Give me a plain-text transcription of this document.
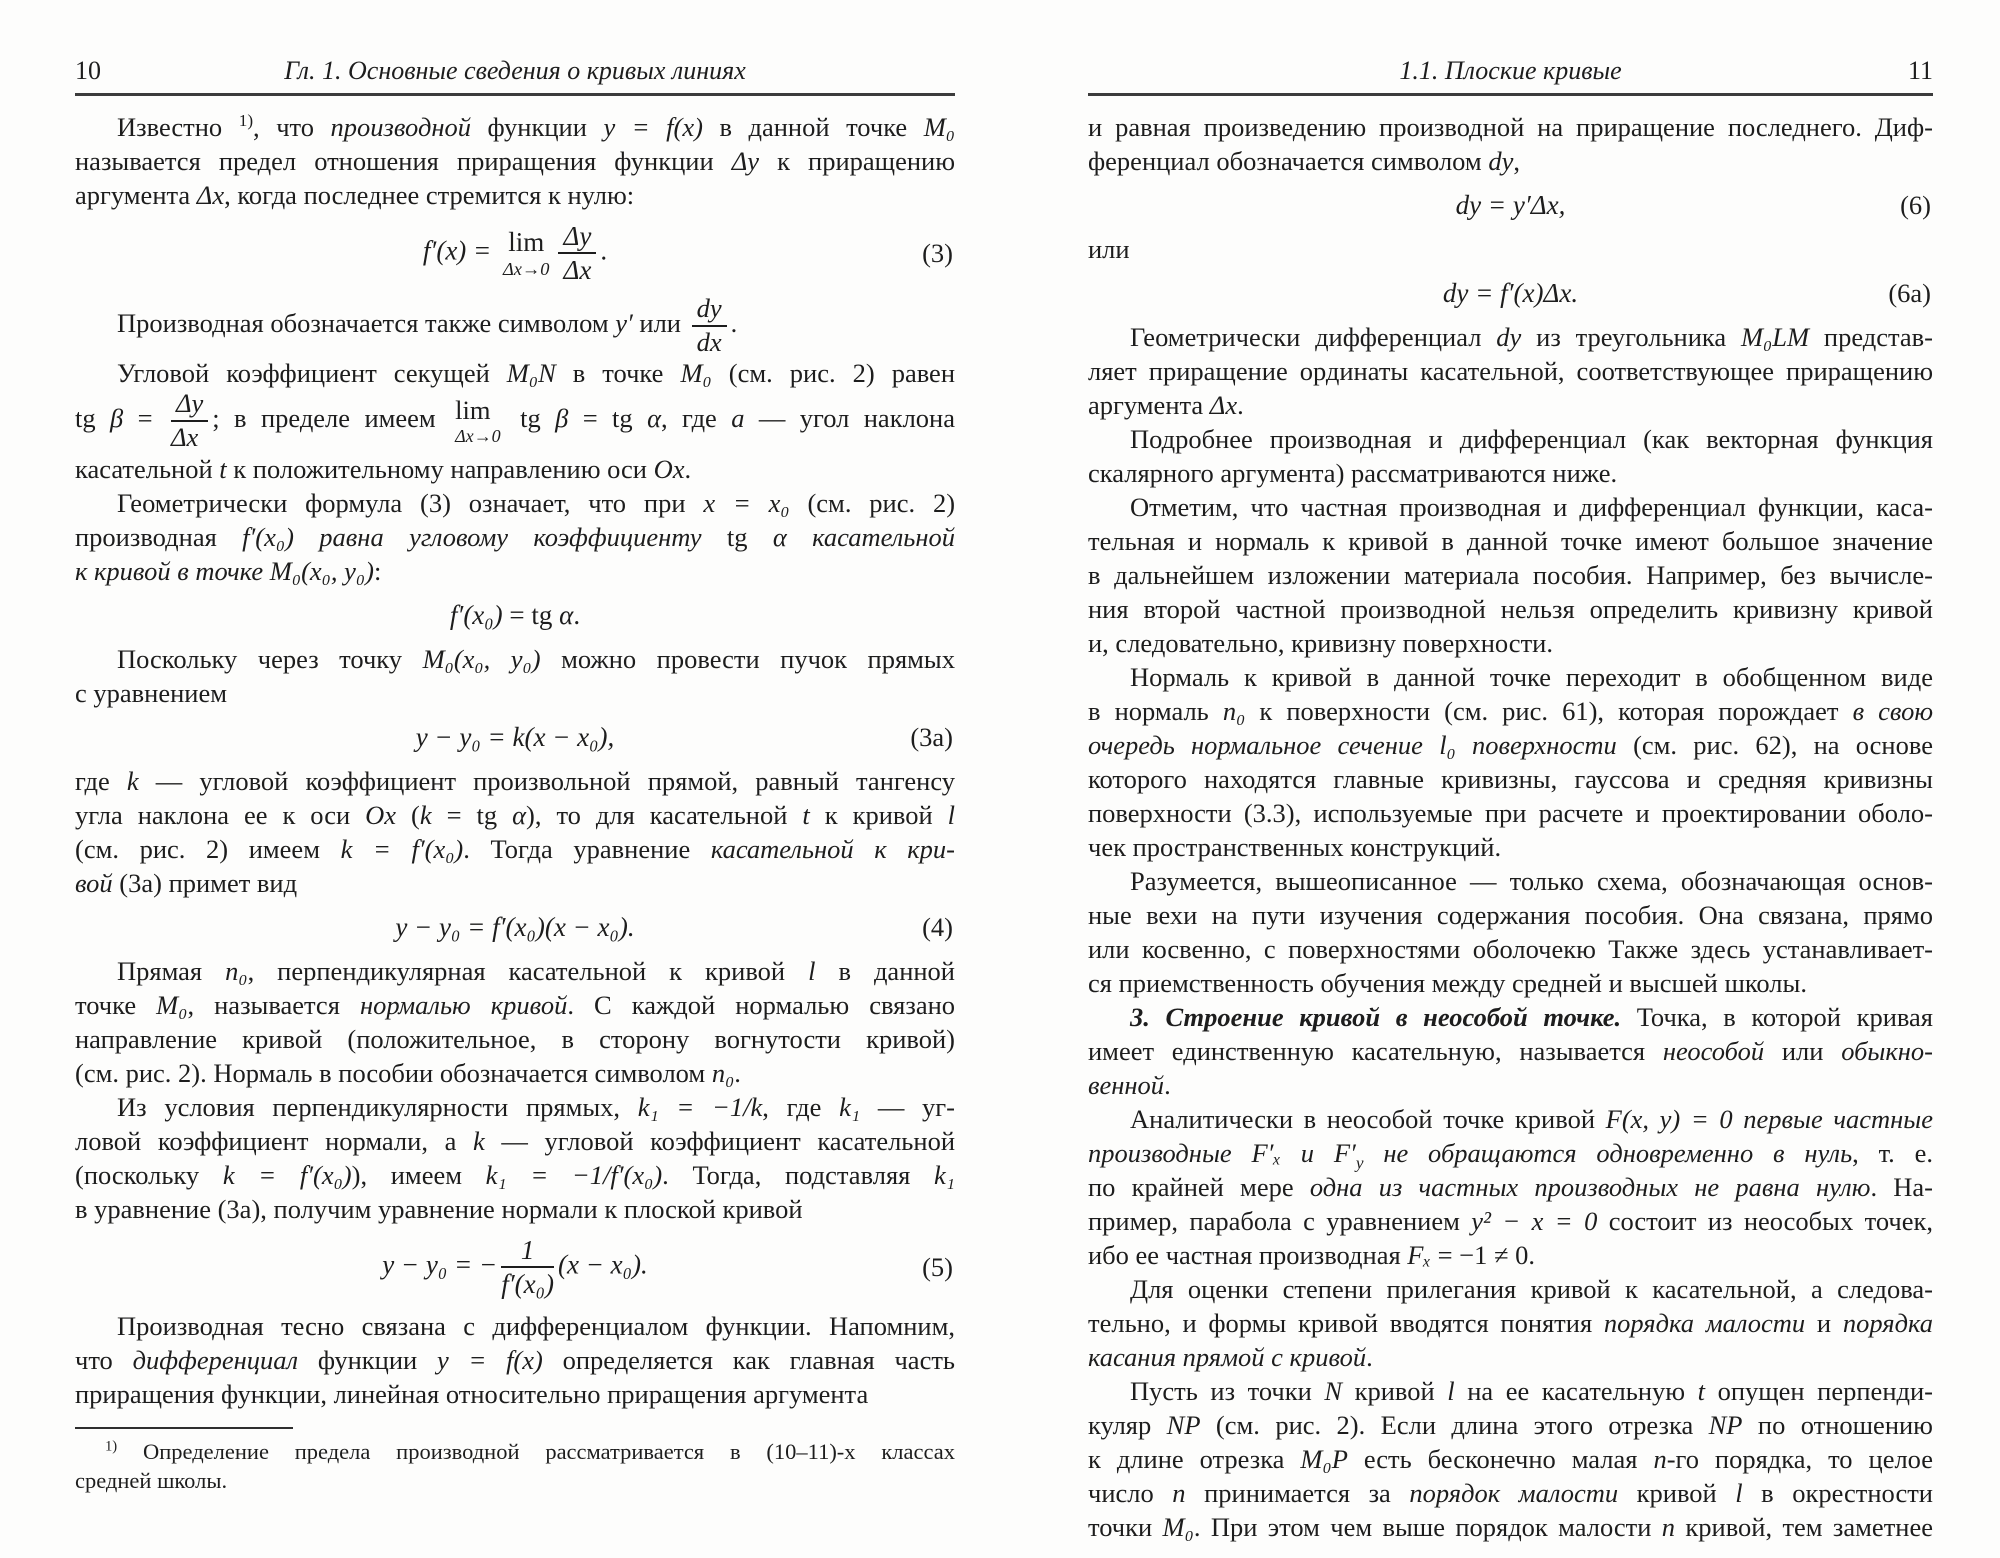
10	Гл. 1. Основные сведения о кривых линиях
Известно $^{1)}$, что производной функции y = f(x) в данной точке M₀
называется предел отношения приращения функции Δy к приращению
аргумента Δx, когда последнее стремится к нулю:
f′(x) = lim
$\Delta x\to 0 \frac{\Delta y}{\Delta x}$ .	(3)
Производная обозначается также символом y′ или $\frac{dy}{dx}$ .
Угловой коэффициент секущей M₀N в точке M₀ (см. рис. 2) равен
tg $\beta = \frac{\Delta y}{\Delta x}$ ; в пределе имеем lim
Δx→0
tg β = tg α, где a — угол наклона
касательной t к положительному направлению оси Ox.
Геометрически формула (3) означает, что при x = x₀ (см. рис. 2)
производная f′(x₀) равна угловому коэффициенту tg α касательной
к кривой в точке M₀(x₀, y₀):
f′(x₀) = tg α.
Поскольку через точку M₀(x₀, y₀) можно провести пучок прямых
с уравнением
y − y₀ = k(x − x₀),	(3а)
где k — угловой коэффициент произвольной прямой, равный тангенсу
угла наклона ее к оси Ox (k = tg α), то для касательной t к кривой l
(см. рис. 2) имеем k = f′(x₀). Тогда уравнение касательной к кри-
вой (3а) примет вид
y − y₀ = f′(x₀)(x − x₀).	(4)
Прямая n₀, перпендикулярная касательной к кривой l в данной
точке M₀, называется нормалью кривой. С каждой нормалью связано
направление кривой (положительное, в сторону вогнутости кривой)
(см. рис. 2). Нормаль в пособии обозначается символом n₀.
Из условия перпендикулярности прямых, k₁ = −1/k, где k₁ — уг-
ловой коэффициент нормали, а k — угловой коэффициент касательной
(поскольку k = f′(x₀)), имеем k₁ = −1/f′(x₀). Тогда, подставляя k₁
в уравнение (3а), получим уравнение нормали к плоской кривой
y − y₀ = − $\frac{1}{\text{f′(x₀)}} (x - x_0)$.	(5)
Производная тесно связана с дифференциалом функции. Напомним,
что дифференциал функции y = f(x) определяется как главная часть
приращения функции, линейная относительно приращения аргумента
$^{1)}$ Определение предела производной рассматривается в (10–11)-х классах
средней школы.
1.1. Плоские кривые	11
и равная произведению производной на приращение последнего. Диф-
ференциал обозначается символом dy,
dy = y′Δx,	(6)
или
dy = f′(x)Δx.	(6а)
Геометрически дифференциал dy из треугольника M₀LM представ-
ляет приращение ординаты касательной, соответствующее приращению
аргумента Δx.
Подробнее производная и дифференциал (как векторная функция
скалярного аргумента) рассматриваются ниже.
Отметим, что частная производная и дифференциал функции, каса-
тельная и нормаль к кривой в данной точке имеют большое значение
в дальнейшем изложении материала пособия. Например, без вычисле-
ния второй частной производной нельзя определить кривизну кривой
и, следовательно, кривизну поверхности.
Нормаль к кривой в данной точке переходит в обобщенном виде
в нормаль n₀ к поверхности (см. рис. 61), которая порождает в свою
очередь нормальное сечение l₀ поверхности (см. рис. 62), на основе
которого находятся главные кривизны, гауссова и средняя кривизны
поверхности (3.3), используемые при расчете и проектировании оболо-
чек пространственных конструкций.
Разумеется, вышеописанное — только схема, обозначающая основ-
ные вехи на пути изучения содержания пособия. Она связана, прямо
или косвенно, с поверхностями оболочекю Также здесь устанавливает-
ся приемственность обучения между средней и высшей школы.
3. Строение кривой в неособой точке. Точка, в которой кривая
имеет единственную касательную, называется неособой или обыкно-
венной.
Аналитически в неособой точке кривой F(x, y) = 0 первые частные
производные F′ₓ и $F'_y$ не обращаются одновременно в нуль, т. е.
по крайней мере одна из частных производных не равна нулю. На-
пример, парабола с уравнением y² − x = 0 состоит из неособых точек,
ибо ее частная производная Fₓ = −1 ≠ 0.
Для оценки степени прилегания кривой к касательной, а следова-
тельно, и формы кривой вводятся понятия порядка малости и порядка
касания прямой с кривой.
Пусть из точки N кривой l на ее касательную t опущен перпенди-
куляр NP (см. рис. 2). Если длина этого отрезка NP по отношению
к длине отрезка M₀P есть бесконечно малая n-го порядка, то целое
число n принимается за порядок малости кривой l в окрестности
точки M₀. При этом чем выше порядок малости n кривой, тем заметнее
